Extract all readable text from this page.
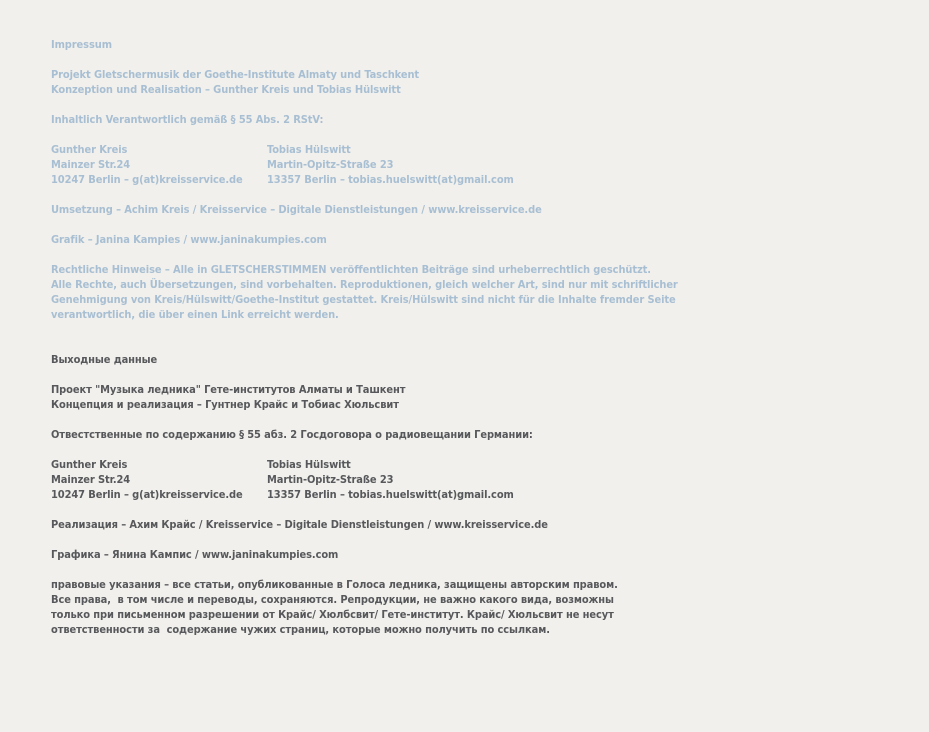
Impressum

Projekt Gletschermusik der Goethe-Institute Almaty und Taschkent
Konzeption und Realisation – Gunther Kreis und Tobias Hülswitt

Inhaltlich Verantwortlich gemäß § 55 Abs. 2 RStV:

Gunther Kreis
Mainzer Str.24
10247 Berlin – g(at)kreisservice.de
Tobias Hülswitt
Martin-Opitz-Straße 23
13357 Berlin – tobias.huelswitt(at)gmail.com

Umsetzung – Achim Kreis / Kreisservice – Digitale Dienstleistungen / www.kreisservice.de

Grafik – Janina Kampies / www.janinakumpies.com

Rechtliche Hinweise – Alle in GLETSCHERSTIMMEN veröffentlichten Beiträge sind urheberrechtlich geschützt.
Alle Rechte, auch Übersetzungen, sind vorbehalten. Reproduktionen, gleich welcher Art, sind nur mit schriftlicher
Genehmigung von Kreis/Hülswitt/Goethe-Institut gestattet. Kreis/Hülswitt sind nicht für die Inhalte fremder Seite
verantwortlich, die über einen Link erreicht werden.

Выходные данные

Проект "Музыка ледника" Гете-институтов Алматы и Ташкент
Концепция и реализация – Гунтнер Крайс и Тобиас Хюльсвит

Отвестственные по содержанию § 55 абз. 2 Госдоговора о радиовещании Германии:

Gunther Kreis
Mainzer Str.24
10247 Berlin – g(at)kreisservice.de
Tobias Hülswitt
Martin-Opitz-Straße 23
13357 Berlin – tobias.huelswitt(at)gmail.com

Реализация – Ахим Крайс / Kreisservice – Digitale Dienstleistungen / www.kreisservice.de

Графика – Янина Кампис / www.janinakumpies.com

правовые указания – все статьи, опубликованные в Голоса ледника, защищены авторским правом.
Все права,  в том числе и переводы, сохраняются. Репродукции, не важно какого вида, возможны
только при письменном разрешении от Крайс/ Хюлбсвит/ Гете-институт. Крайс/ Хюльсвит не несут
ответственности за  содержание чужих страниц, которые можно получить по ссылкам.
